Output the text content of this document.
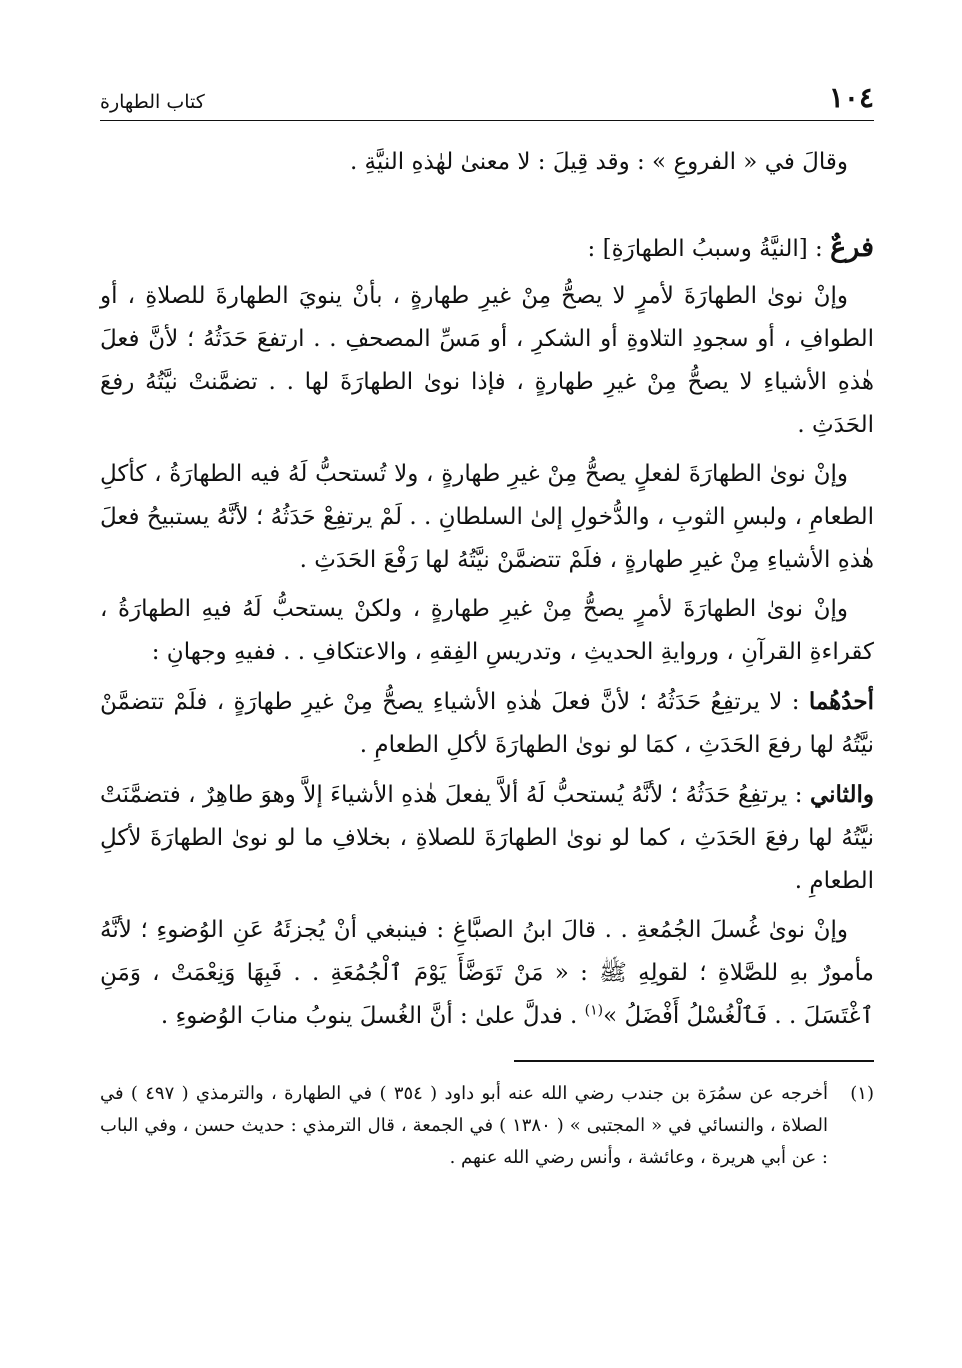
١٠٤
كتاب الطهارة

وقالَ في « الفروعِ » : وقد قِيلَ : لا معنىٰ لهٰذهِ النيَّةِ .

فرعٌ : [النيَّةُ وسببُ الطهارَةِ] :

وإنْ نوىٰ الطهارَةَ لأمرٍ لا يصحُّ مِنْ غيرِ طهارةٍ ، بأنْ ينويَ الطهارةَ للصلاةِ ، أو الطوافِ ، أو سجودِ التلاوةِ أو الشكرِ ، أو مَسِّ المصحفِ . . ارتفعَ حَدَثُهُ ؛ لأنَّ فعلَ هٰذهِ الأشياءِ لا يصحُّ مِنْ غيرِ طهارةٍ ، فإذا نوىٰ الطهارَةَ لها . . تضمَّنتْ نيَّتُهُ رفعَ الحَدَثِ .

وإنْ نوىٰ الطهارَةَ لفعلٍ يصحُّ مِنْ غيرِ طهارةٍ ، ولا تُستحبُّ لَهُ فيه الطهارَةُ ، كأكلِ الطعامِ ، ولبسِ الثوبِ ، والدُّخولِ إلىٰ السلطانِ . . لَمْ يرتفِعْ حَدَثُهُ ؛ لأنَّهُ يستبيحُ فعلَ هٰذهِ الأشياءِ مِنْ غيرِ طهارةٍ ، فلَمْ تتضمَّنْ نيَّتُهُ لها رَفْعَ الحَدَثِ .

وإنْ نوىٰ الطهارَةَ لأمرٍ يصحُّ مِنْ غيرِ طهارةٍ ، ولكنْ يستحبُّ لَهُ فيهِ الطهارَةُ ، كقراءةِ القرآنِ ، وروايةِ الحديثِ ، وتدريسِ الفِقهِ ، والاعتكافِ . . ففيهِ وجهانِ :

أحدُهُما : لا يرتفِعُ حَدَثُهُ ؛ لأنَّ فعلَ هٰذهِ الأشياءِ يصحُّ مِنْ غيرِ طهارَةٍ ، فلَمْ تتضمَّنْ نيَّتُهُ لها رفعَ الحَدَثِ ، كمَا لو نوىٰ الطهارَةَ لأكلِ الطعامِ .

والثاني : يرتفِعُ حَدَثُهُ ؛ لأنَّهُ يُستحبُّ لَهُ ألاَّ يفعلَ هٰذهِ الأشياءَ إلاَّ وهوَ طاهِرٌ ، فتضمَّنَتْ نيَّتُهُ لها رفعَ الحَدَثِ ، كما لو نوىٰ الطهارَةَ للصلاةِ ، بخلافِ ما لو نوىٰ الطهارَةَ لأكلِ الطعامِ .

وإنْ نوىٰ غُسلَ الجُمُعةِ . . قالَ ابنُ الصبَّاغِ : فينبغي أنْ يُجزئَهُ عَنِ الوُضوءِ ؛ لأنَّهُ مأمورٌ بهِ للصَّلاةِ ؛ لقولِهِ ﷺ : « مَنْ تَوَضَّأَ يَوْمَ ٱلْجُمُعَةِ . . فَبِهَا وَنِعْمَتْ ، وَمَنِ ٱغْتَسَلَ . . فَٱلْغُسْلُ أَفْضَلُ »$^{(١)}$ . فدلَّ علىٰ : أنَّ الغُسلَ ينوبُ منابَ الوُضوءِ .

(١)
أخرجه عن سمُرَة بن جندب رضي الله عنه أبو داود ( ٣٥٤ ) في الطهارة ، والترمذي ( ٤٩٧ ) في الصلاة ، والنسائي في « المجتبى » ( ١٣٨٠ ) في الجمعة ، قال الترمذي : حديث حسن ، وفي الباب : عن أبي هريرة ، وعائشة ، وأنس رضي الله عنهم .
